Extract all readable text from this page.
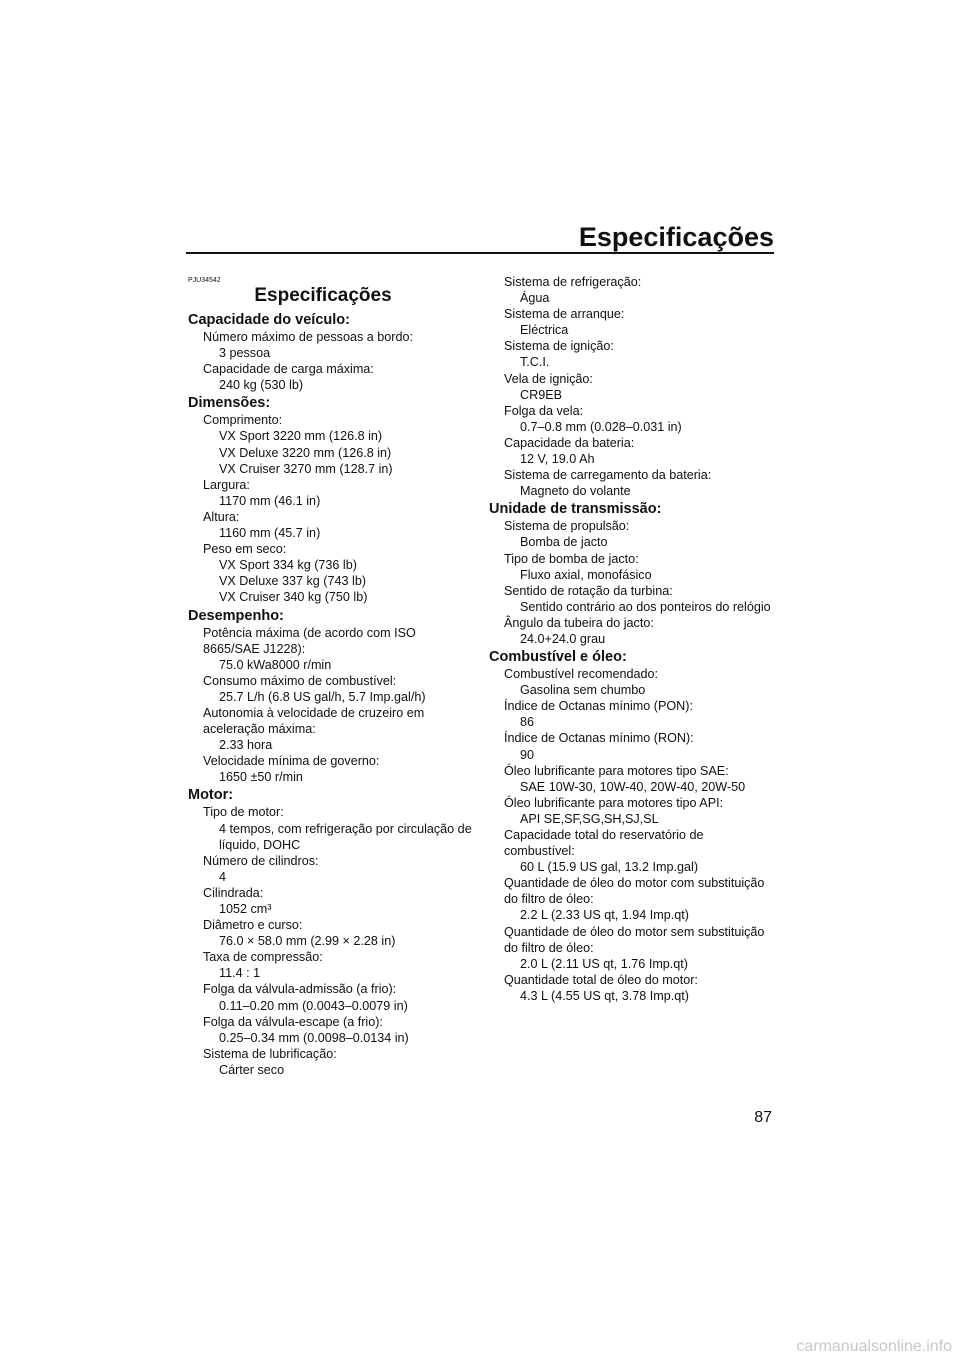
Especificações
PJU34542
Especificações
Capacidade do veículo:
Número máximo de pessoas a bordo:
3 pessoa
Capacidade de carga máxima:
240 kg (530 lb)
Dimensões:
Comprimento:
VX Sport 3220 mm (126.8 in)
VX Deluxe 3220 mm (126.8 in)
VX Cruiser 3270 mm (128.7 in)
Largura:
1170 mm (46.1 in)
Altura:
1160 mm (45.7 in)
Peso em seco:
VX Sport 334 kg (736 lb)
VX Deluxe 337 kg (743 lb)
VX Cruiser 340 kg (750 lb)
Desempenho:
Potência máxima (de acordo com ISO
8665/SAE J1228):
75.0 kWa8000 r/min
Consumo máximo de combustível:
25.7 L/h (6.8 US gal/h, 5.7 Imp.gal/h)
Autonomia à velocidade de cruzeiro em
aceleração máxima:
2.33 hora
Velocidade mínima de governo:
1650 ±50 r/min
Motor:
Tipo de motor:
4 tempos, com refrigeração por circulação de
líquido, DOHC
Número de cilindros:
4
Cilindrada:
1052 cm³
Diâmetro e curso:
76.0 × 58.0 mm (2.99 × 2.28 in)
Taxa de compressão:
11.4 : 1
Folga da válvula-admissão (a frio):
0.11–0.20 mm (0.0043–0.0079 in)
Folga da válvula-escape (a frio):
0.25–0.34 mm (0.0098–0.0134 in)
Sistema de lubrificação:
Cárter seco
Sistema de refrigeração:
Água
Sistema de arranque:
Eléctrica
Sistema de ignição:
T.C.I.
Vela de ignição:
CR9EB
Folga da vela:
0.7–0.8 mm (0.028–0.031 in)
Capacidade da bateria:
12 V, 19.0 Ah
Sistema de carregamento da bateria:
Magneto do volante
Unidade de transmissão:
Sistema de propulsão:
Bomba de jacto
Tipo de bomba de jacto:
Fluxo axial, monofásico
Sentido de rotação da turbina:
Sentido contrário ao dos ponteiros do relógio
Ângulo da tubeira do jacto:
24.0+24.0 grau
Combustível e óleo:
Combustível recomendado:
Gasolina sem chumbo
Índice de Octanas mínimo (PON):
86
Índice de Octanas mínimo (RON):
90
Óleo lubrificante para motores tipo SAE:
SAE 10W-30, 10W-40, 20W-40, 20W-50
Óleo lubrificante para motores tipo API:
API SE,SF,SG,SH,SJ,SL
Capacidade total do reservatório de
combustível:
60 L (15.9 US gal, 13.2 Imp.gal)
Quantidade de óleo do motor com substituição
do filtro de óleo:
2.2 L (2.33 US qt, 1.94 Imp.qt)
Quantidade de óleo do motor sem substituição
do filtro de óleo:
2.0 L (2.11 US qt, 1.76 Imp.qt)
Quantidade total de óleo do motor:
4.3 L (4.55 US qt, 3.78 Imp.qt)
87
carmanualsonline.info
